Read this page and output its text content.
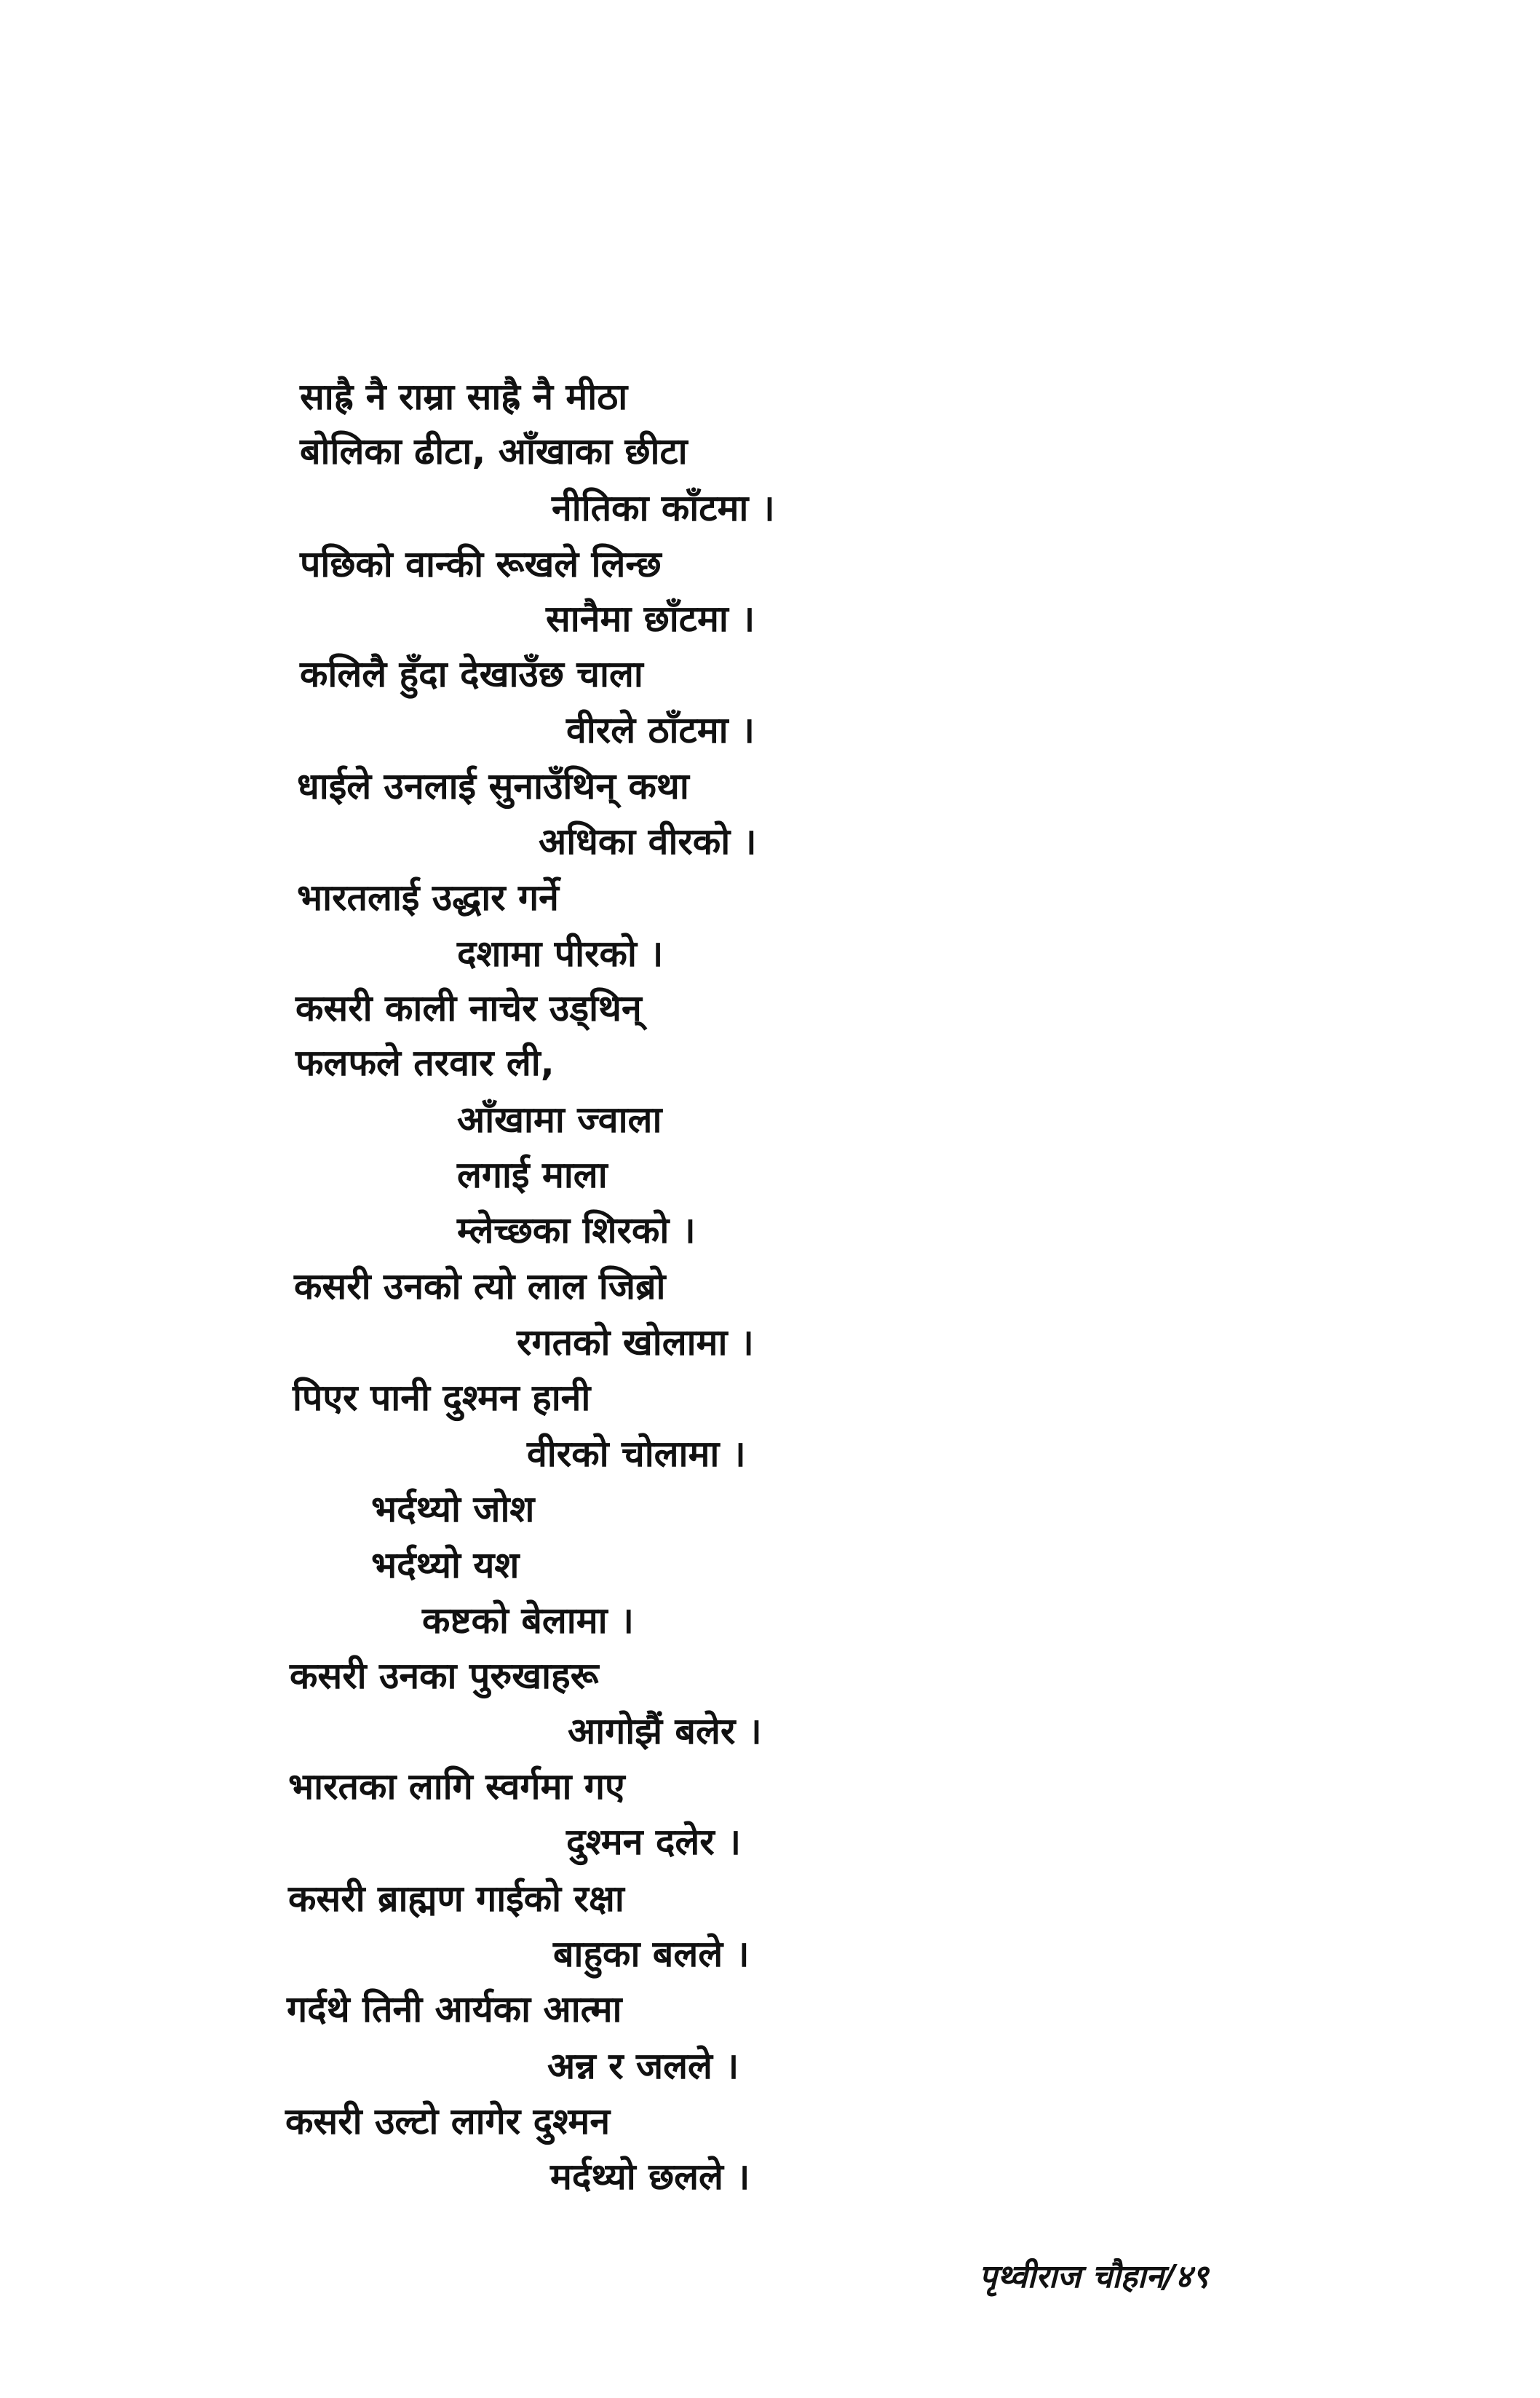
साह्रै नै राम्रा साह्रै नै मीठा
बोलिका ढीटा, आँखाका छीटा
नीतिका काँटमा ।
पछिको वान्की रूखले लिन्छ
सानैमा छाँटमा ।
कलिलै हुँदा देखाउँछ चाला
वीरले ठाँटमा ।
धाईले उनलाई सुनाउँथिन् कथा
अधिका वीरको ।
भारतलाई उद्धार गर्ने
दशामा पीरको ।
कसरी काली नाचेर उड्थिन्
फलफले तरवार ली,
आँखामा ज्वाला
लगाई माला
म्लेच्छका शिरको ।
कसरी उनको त्यो लाल जिब्रो
रगतको खोलामा ।
पिएर पानी दुश्मन हानी
वीरको चोलामा ।
भर्दथ्यो जोश
भर्दथ्यो यश
कष्टको बेलामा ।
कसरी उनका पुरुखाहरू
आगोझैं बलेर ।
भारतका लागि स्वर्गमा गए
दुश्मन दलेर ।
कसरी ब्राह्मण गाईको रक्षा
बाहुका बलले ।
गर्दथे तिनी आर्यका आत्मा
अन्न र जलले ।
कसरी उल्टो लागेर दुश्मन
मर्दथ्यो छलले ।
पृथ्वीराज चौहान/४९
